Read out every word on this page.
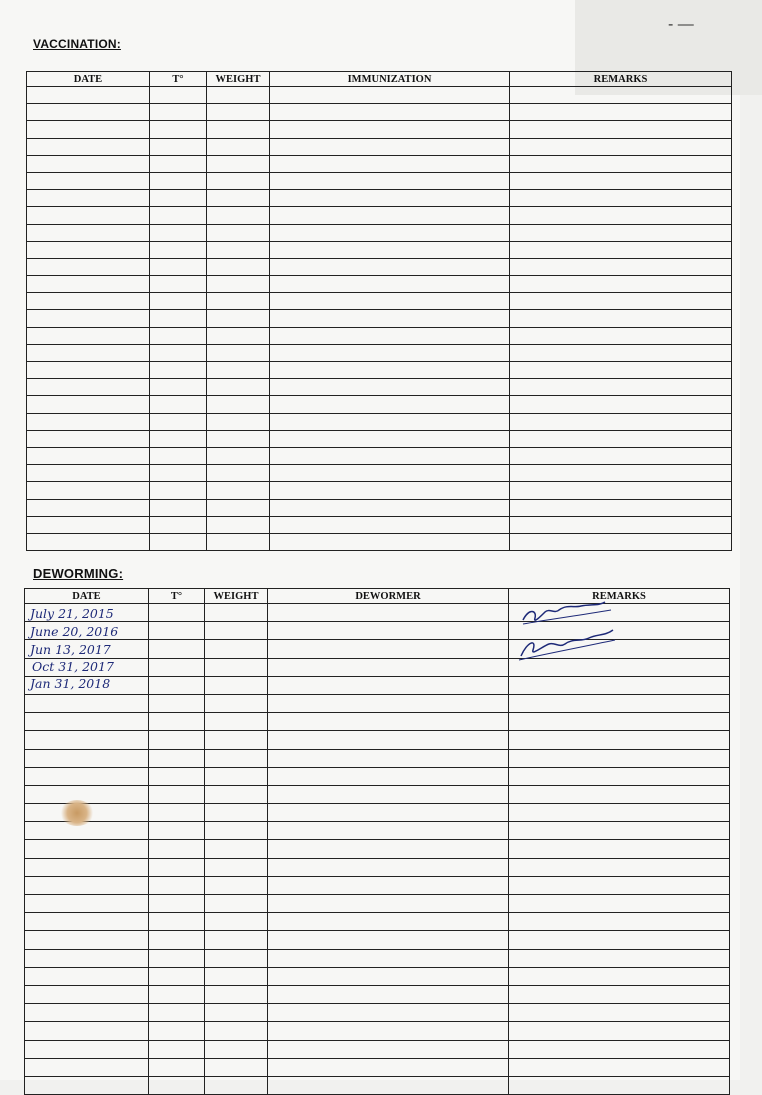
- —
VACCINATION:
DATE	T°	WEIGHT	IMMUNIZATION	REMARKS

DEWORMING:
DATE	T°	WEIGHT	DEWORMER	REMARKS

July 21, 2015
June 20, 2016
Jun 13, 2017
Oct 31, 2017
Jan 31, 2018
